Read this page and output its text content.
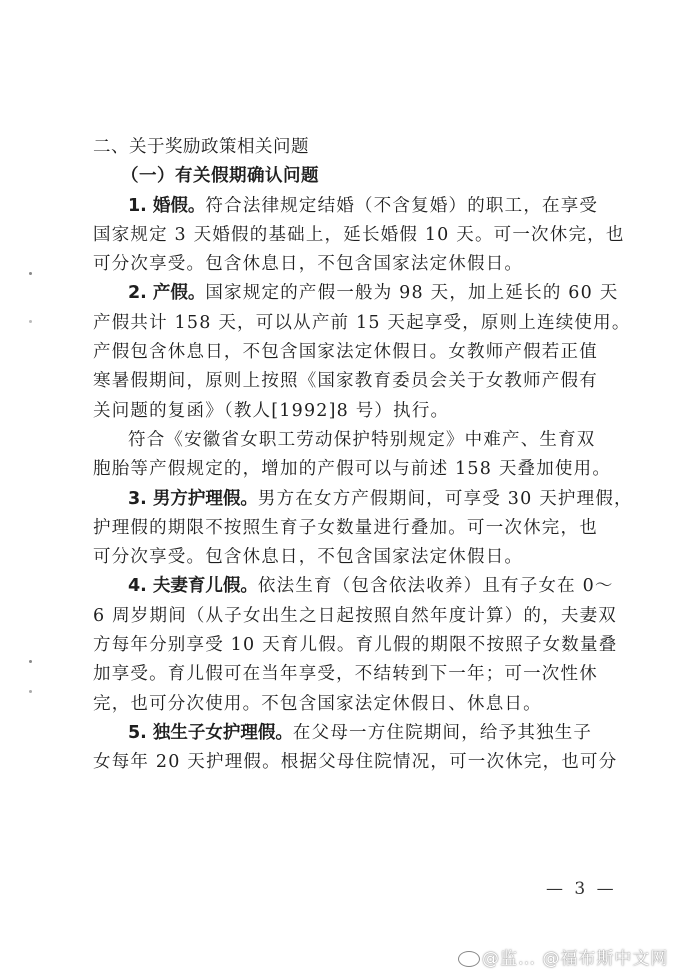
二、关于奖励政策相关问题
（一）有关假期确认问题
1. 婚假。符合法律规定结婚（不含复婚）的职工，在享受
国家规定 3 天婚假的基础上，延长婚假 10 天。可一次休完，也
可分次享受。包含休息日，不包含国家法定休假日。
2. 产假。国家规定的产假一般为 98 天，加上延长的 60 天
产假共计 158 天，可以从产前 15 天起享受，原则上连续使用。
产假包含休息日，不包含国家法定休假日。女教师产假若正值
寒暑假期间，原则上按照《国家教育委员会关于女教师产假有
关问题的复函》（教人[1992]8 号）执行。
符合《安徽省女职工劳动保护特别规定》中难产、生育双
胞胎等产假规定的，增加的产假可以与前述 158 天叠加使用。
3. 男方护理假。男方在女方产假期间，可享受 30 天护理假，
护理假的期限不按照生育子女数量进行叠加。可一次休完，也
可分次享受。包含休息日，不包含国家法定休假日。
4. 夫妻育儿假。依法生育（包含依法收养）且有子女在 0～
6 周岁期间（从子女出生之日起按照自然年度计算）的，夫妻双
方每年分别享受 10 天育儿假。育儿假的期限不按照子女数量叠
加享受。育儿假可在当年享受，不结转到下一年；可一次性休
完，也可分次使用。不包含国家法定休假日、休息日。
5. 独生子女护理假。在父母一方住院期间，给予其独生子
女每年 20 天护理假。根据父母住院情况，可一次休完，也可分
— 3 —
@监… @福布斯中文网
